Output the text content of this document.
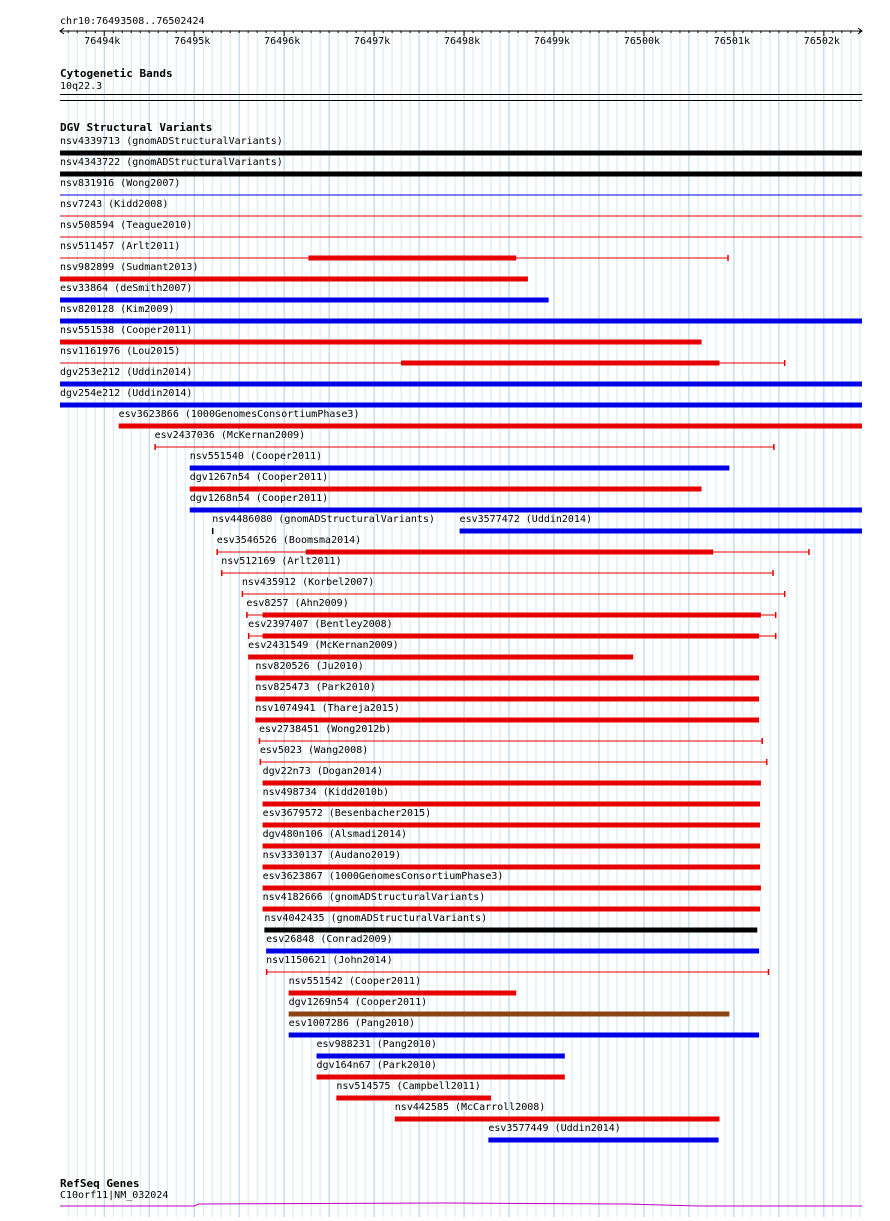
chr10:76493508..76502424
76494k	76495k	76496k	76497k	76498k	76499k	76500k	76501k	76502k
Cytogenetic Bands
10q22.3
DGV Structural Variants
nsv4339713 (gnomADStructuralVariants)
nsv4343722 (gnomADStructuralVariants)
nsv831916 (Wong2007)
nsv7243 (Kidd2008)
nsv508594 (Teague2010)
nsv511457 (Arlt2011)
nsv982899 (Sudmant2013)
esv33864 (deSmith2007)
nsv820128 (Kim2009)
nsv551538 (Cooper2011)
nsv1161976 (Lou2015)
dgv253e212 (Uddin2014)
dgv254e212 (Uddin2014)
esv3623866 (1000GenomesConsortiumPhase3)
esv2437036 (McKernan2009)
nsv551540 (Cooper2011)
dgv1267n54 (Cooper2011)
dgv1268n54 (Cooper2011)
nsv4486080 (gnomADStructuralVariants) esv3577472 (Uddin2014)
esv3546526 (Boomsma2014)
nsv512169 (Arlt2011)
nsv435912 (Korbel2007)
esv8257 (Ahn2009)
esv2397407 (Bentley2008)
esv2431549 (McKernan2009)
nsv820526 (Ju2010)
nsv825473 (Park2010)
nsv1074941 (Thareja2015)
esv2738451 (Wong2012b)
esv5023 (Wang2008)
dgv22n73 (Dogan2014)
nsv498734 (Kidd2010b)
esv3679572 (Besenbacher2015)
dgv480n106 (Alsmadi2014)
nsv3330137 (Audano2019)
esv3623867 (1000GenomesConsortiumPhase3)
nsv4182666 (gnomADStructuralVariants)
nsv4042435 (gnomADStructuralVariants)
esv26848 (Conrad2009)
nsv1150621 (John2014)
nsv551542 (Cooper2011)
dgv1269n54 (Cooper2011)
esv1007286 (Pang2010)
esv988231 (Pang2010)
dgv164n67 (Park2010)
nsv514575 (Campbell2011)
nsv442585 (McCarroll2008)
esv3577449 (Uddin2014)
RefSeq Genes
C10orf11|NM_032024
